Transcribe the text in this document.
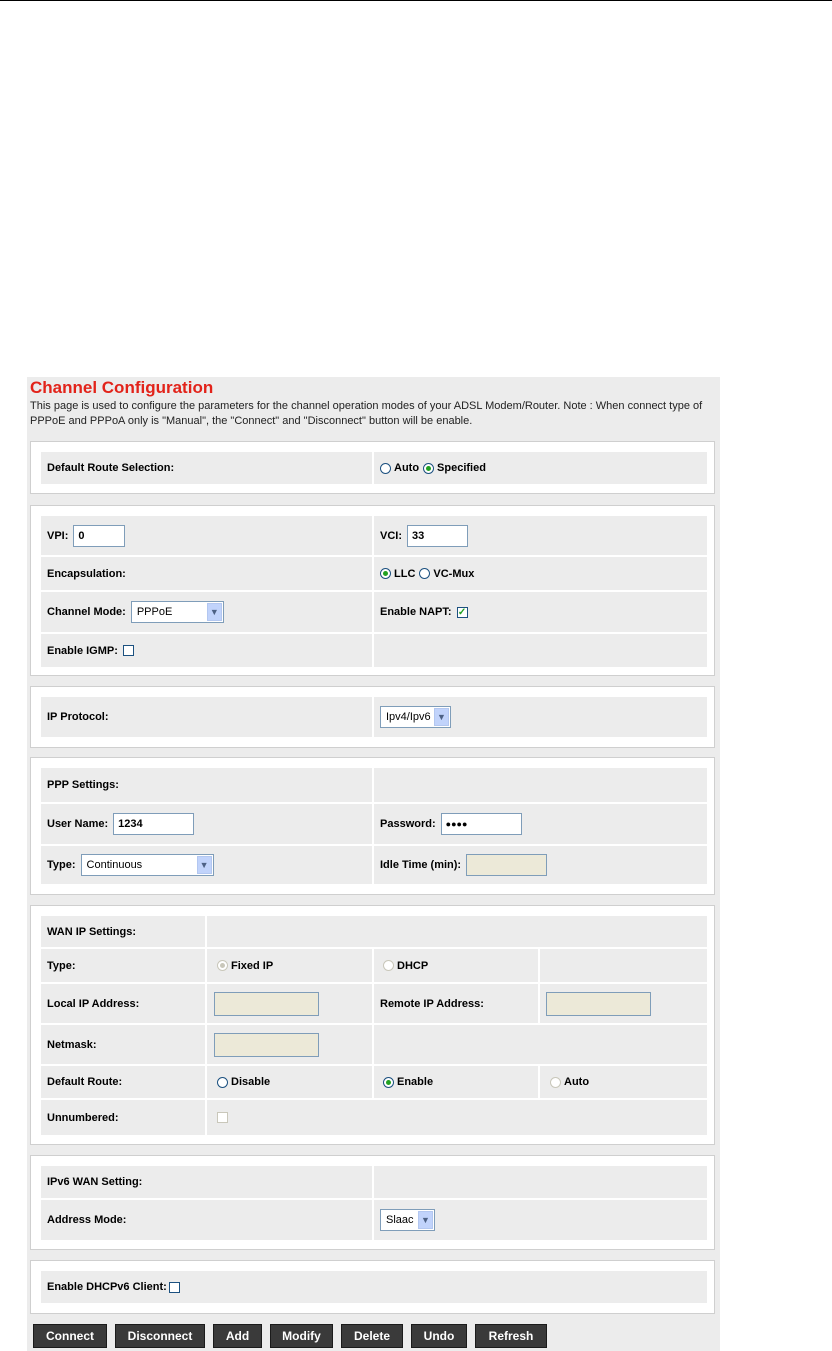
Channel Configuration
This page is used to configure the parameters for the channel operation modes of your ADSL Modem/Router. Note : When connect type of PPPoE and PPPoA only is "Manual", the "Connect" and "Disconnect" button will be enable.
Default Route Selection:	Auto Specified
VPI: 0	VCI: 33
Encapsulation:	LLC VC-Mux
Channel Mode:	PPPoE	▼	Enable NAPT: ✓
Enable IGMP:
IP Protocol:	Ipv4/Ipv6 ▼
PPP Settings:
User Name: 1234	Password:	●●●●
Type:	Continuous	▼	Idle Time (min):
WAN IP Settings:
Type:	Fixed IP	DHCP
Local IP Address:	Remote IP Address:
Netmask:
Default Route:	Disable	Enable	Auto
Unnumbered:
IPv6 WAN Setting:
Address Mode:	Slaac ▼
Enable DHCPv6 Client:
Connect	Disconnect	Add	Modify	Delete	Undo	Refresh
